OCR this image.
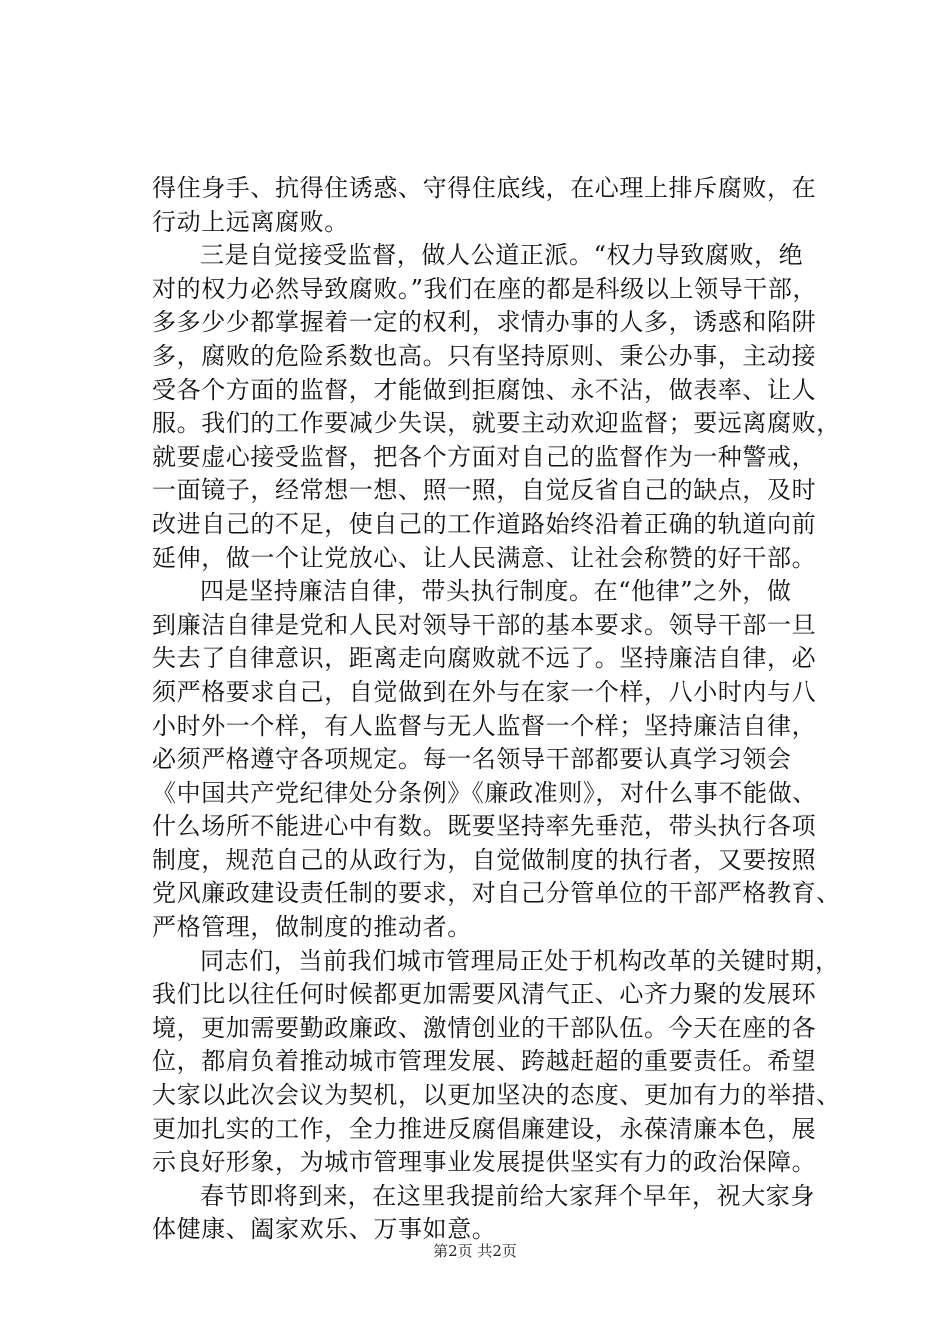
得住身手、抗得住诱惑、守得住底线，在心理上排斥腐败，在
行动上远离腐败。
三是自觉接受监督，做人公道正派。“权力导致腐败，绝
对的权力必然导致腐败。”我们在座的都是科级以上领导干部，
多多少少都掌握着一定的权利，求情办事的人多，诱惑和陷阱
多，腐败的危险系数也高。只有坚持原则、秉公办事，主动接
受各个方面的监督，才能做到拒腐蚀、永不沾，做表率、让人
服。我们的工作要减少失误，就要主动欢迎监督；要远离腐败，
就要虚心接受监督，把各个方面对自己的监督作为一种警戒，
一面镜子，经常想一想、照一照，自觉反省自己的缺点，及时
改进自己的不足，使自己的工作道路始终沿着正确的轨道向前
延伸，做一个让党放心、让人民满意、让社会称赞的好干部。
四是坚持廉洁自律，带头执行制度。在“他律”之外，做
到廉洁自律是党和人民对领导干部的基本要求。领导干部一旦
失去了自律意识，距离走向腐败就不远了。坚持廉洁自律，必
须严格要求自己，自觉做到在外与在家一个样，八小时内与八
小时外一个样，有人监督与无人监督一个样；坚持廉洁自律，
必须严格遵守各项规定。每一名领导干部都要认真学习领会
《中国共产党纪律处分条例》《廉政准则》，对什么事不能做、
什么场所不能进心中有数。既要坚持率先垂范，带头执行各项
制度，规范自己的从政行为，自觉做制度的执行者，又要按照
党风廉政建设责任制的要求，对自己分管单位的干部严格教育、
严格管理，做制度的推动者。
同志们，当前我们城市管理局正处于机构改革的关键时期，
我们比以往任何时候都更加需要风清气正、心齐力聚的发展环
境，更加需要勤政廉政、激情创业的干部队伍。今天在座的各
位，都肩负着推动城市管理发展、跨越赶超的重要责任。希望
大家以此次会议为契机，以更加坚决的态度、更加有力的举措、
更加扎实的工作，全力推进反腐倡廉建设，永葆清廉本色，展
示良好形象，为城市管理事业发展提供坚实有力的政治保障。
春节即将到来，在这里我提前给大家拜个早年，祝大家身
体健康、阖家欢乐、万事如意。
第2页 共2页
